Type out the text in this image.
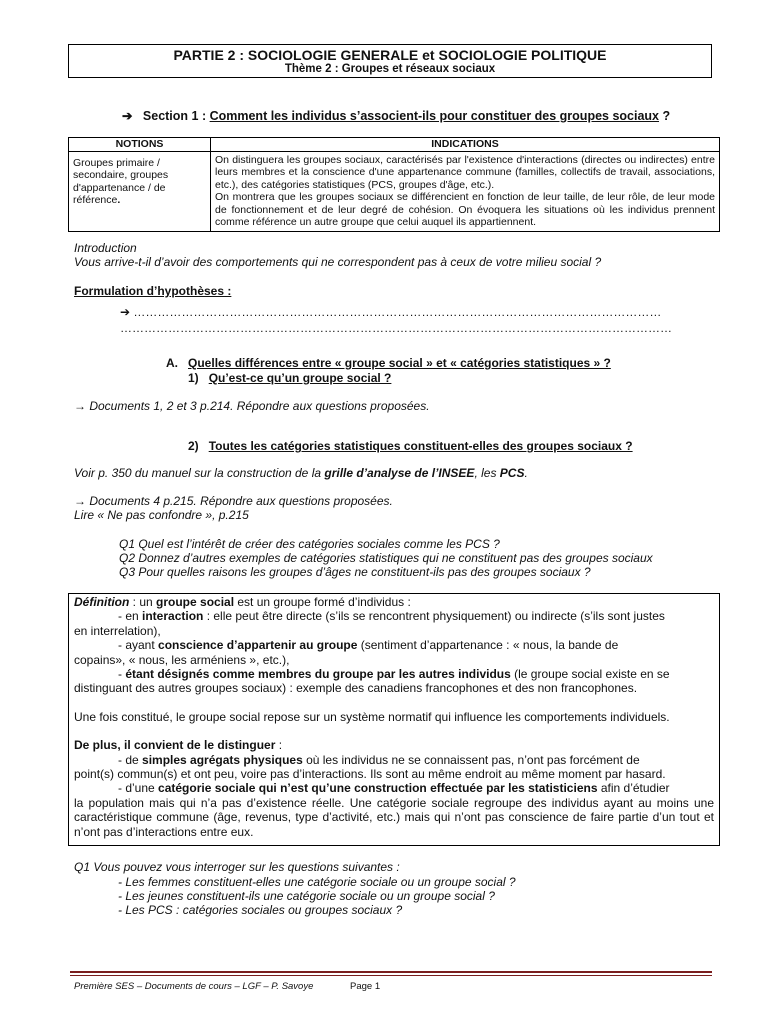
PARTIE 2 : SOCIOLOGIE GENERALE et SOCIOLOGIE POLITIQUE
Thème 2 : Groupes et réseaux sociaux
➔ Section 1 : Comment les individus s’associent-ils pour constituer des groupes sociaux ?
NOTIONS	INDICATIONS
Groupes primaire / secondaire, groupes d'appartenance / de référence.	On distinguera les groupes sociaux, caractérisés par l'existence d'interactions (directes ou indirectes) entre leurs membres et la conscience d'une appartenance commune (familles, collectifs de travail, associations, etc.), des catégories statistiques (PCS, groupes d'âge, etc.).
On montrera que les groupes sociaux se différencient en fonction de leur taille, de leur rôle, de leur mode de fonctionnement et de leur degré de cohésion. On évoquera les situations où les individus prennent comme référence un autre groupe que celui auquel ils appartiennent.
Introduction
Vous arrive-t-il d’avoir des comportements qui ne correspondent pas à ceux de votre milieu social ?
Formulation d’hypothèses :
➔ ……………………………………………………………………………………………………………………
…………………………………………………………………………………………………………………………
A. Quelles différences entre « groupe social » et « catégories statistiques » ?
1) Qu’est-ce qu’un groupe social ?
→ Documents 1, 2 et 3 p.214. Répondre aux questions proposées.
2) Toutes les catégories statistiques constituent-elles des groupes sociaux ?
Voir p. 350 du manuel sur la construction de la grille d’analyse de l’INSEE, les PCS.
→ Documents 4 p.215. Répondre aux questions proposées.
Lire « Ne pas confondre », p.215
Q1 Quel est l’intérêt de créer des catégories sociales comme les PCS ?
Q2 Donnez d’autres exemples de catégories statistiques qui ne constituent pas des groupes sociaux
Q3 Pour quelles raisons les groupes d’âges ne constituent-ils pas des groupes sociaux ?

Définition : un groupe social est un groupe formé d’individus :

- en interaction : elle peut être directe (s’ils se rencontrent physiquement) ou indirecte (s’ils sont justes

en interrelation),

- ayant conscience d’appartenir au groupe (sentiment d’appartenance : « nous, la bande de

copains», « nous, les arméniens », etc.),

- étant désignés comme membres du groupe par les autres individus (le groupe social existe en se

distinguant des autres groupes sociaux) : exemple des canadiens francophones et des non francophones.

Une fois constitué, le groupe social repose sur un système normatif qui influence les comportements individuels.

De plus, il convient de le distinguer :

- de simples agrégats physiques où les individus ne se connaissent pas, n’ont pas forcément de

point(s) commun(s) et ont peu, voire pas d’interactions. Ils sont au même endroit au même moment par hasard.

- d’une catégorie sociale qui n’est qu’une construction effectuée par les statisticiens afin d’étudier

la population mais qui n’a pas d’existence réelle. Une catégorie sociale regroupe des individus ayant au moins une caractéristique commune (âge, revenus, type d’activité, etc.) mais qui n’ont pas conscience de faire partie d’un tout et n’ont pas d’interactions entre eux.

Q1 Vous pouvez vous interroger sur les questions suivantes :
- Les femmes constituent-elles une catégorie sociale ou un groupe social ?
- Les jeunes constituent-ils une catégorie sociale ou un groupe social ?
- Les PCS : catégories sociales ou groupes sociaux ?
Première SES – Documents de cours – LGF – P. Savoye	Page 1
